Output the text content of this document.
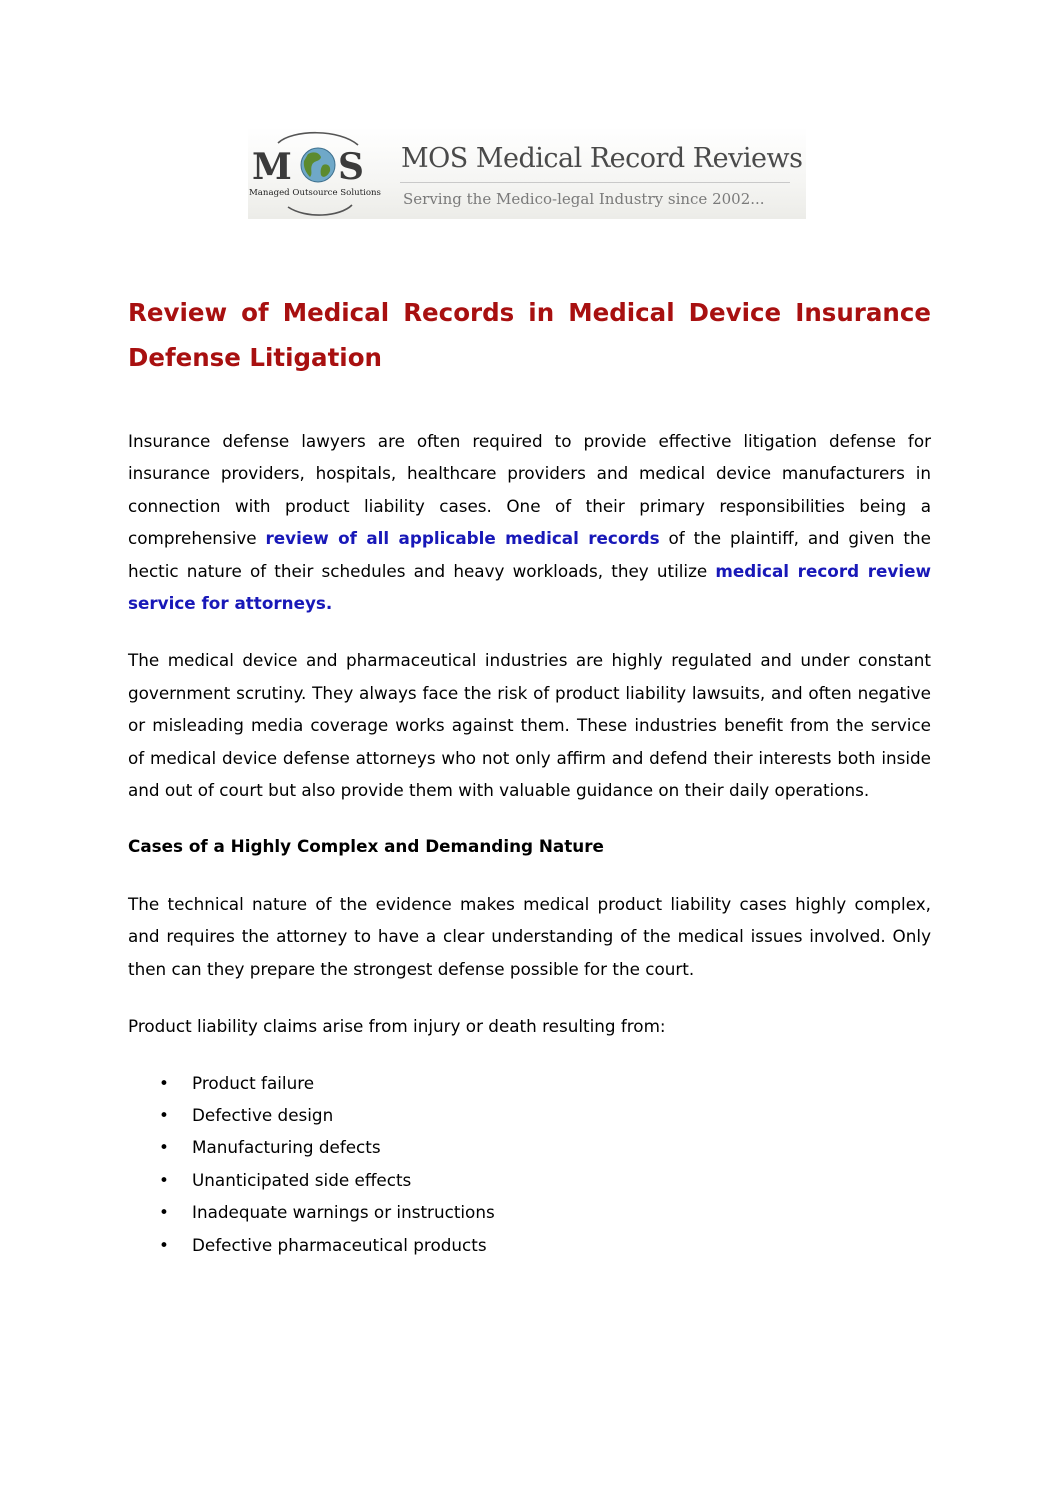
M S
Managed Outsource Solutions
MOS Medical Record Reviews
Serving the Medico-legal Industry since 2002...
Review of Medical Records in Medical Device Insurance Defense Litigation

Insurance defense lawyers are often required to provide effective litigation defense for insurance providers, hospitals, healthcare providers and medical device manufacturers in connection with product liability cases. One of their primary responsibilities being a comprehensive review of all applicable medical records of the plaintiff, and given the hectic nature of their schedules and heavy workloads, they utilize medical record review service for attorneys.

The medical device and pharmaceutical industries are highly regulated and under constant government scrutiny. They always face the risk of product liability lawsuits, and often negative or misleading media coverage works against them. These industries benefit from the service of medical device defense attorneys who not only affirm and defend their interests both inside and out of court but also provide them with valuable guidance on their daily operations.

Cases of a Highly Complex and Demanding Nature

The technical nature of the evidence makes medical product liability cases highly complex, and requires the attorney to have a clear understanding of the medical issues involved. Only then can they prepare the strongest defense possible for the court.

Product liability claims arise from injury or death resulting from:

• Product failure
• Defective design
• Manufacturing defects
• Unanticipated side effects
• Inadequate warnings or instructions
• Defective pharmaceutical products
